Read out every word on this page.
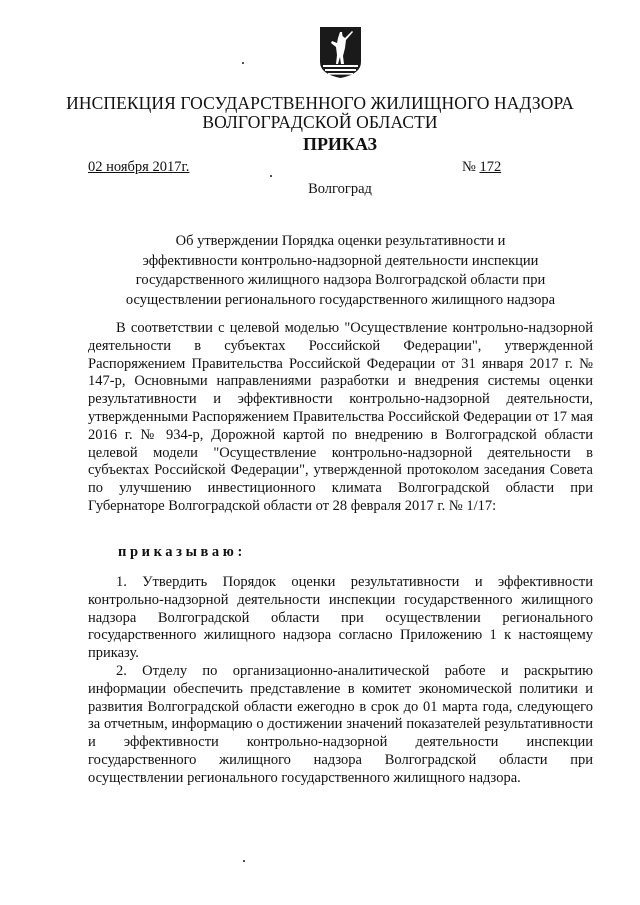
ИНСПЕКЦИЯ ГОСУДАРСТВЕННОГО ЖИЛИЩНОГО НАДЗОРА
ВОЛГОГРАДСКОЙ ОБЛАСТИ
ПРИКАЗ
02 ноября 2017г.	№ 172
Волгоград
Об утверждении Порядка оценки результативности и
эффективности контрольно-надзорной деятельности инспекции
государственного жилищного надзора Волгоградской области при
осуществлении регионального государственного жилищного надзора

В соответствии с целевой моделью "Осуществление контрольно-надзорной деятельности в субъектах Российской Федерации", утвержденной Распоряжением Правительства Российской Федерации от 31 января 2017 г. № 147-р, Основными направлениями разработки и внедрения системы оценки результативности и эффективности контрольно-надзорной деятельности, утвержденными Распоряжением Правительства Российской Федерации от 17 мая 2016 г. № 934-р, Дорожной картой по внедрению в Волгоградской области целевой модели "Осуществление контрольно-надзорной деятельности в субъектах Российской Федерации", утвержденной протоколом заседания Совета по улучшению инвестиционного климата Волгоградской области при Губернаторе Волгоградской области от 28 февраля 2017 г. № 1/17:

приказываю:

1. Утвердить Порядок оценки результативности и эффективности контрольно-надзорной деятельности инспекции государственного жилищного надзора Волгоградской области при осуществлении регионального государственного жилищного надзора согласно Приложению 1 к настоящему приказу.

2. Отделу по организационно-аналитической работе и раскрытию информации обеспечить представление в комитет экономической политики и развития Волгоградской области ежегодно в срок до 01 марта года, следующего за отчетным, информацию о достижении значений показателей результативности и эффективности контрольно-надзорной деятельности инспекции государственного жилищного надзора Волгоградской области при осуществлении регионального государственного жилищного надзора.
